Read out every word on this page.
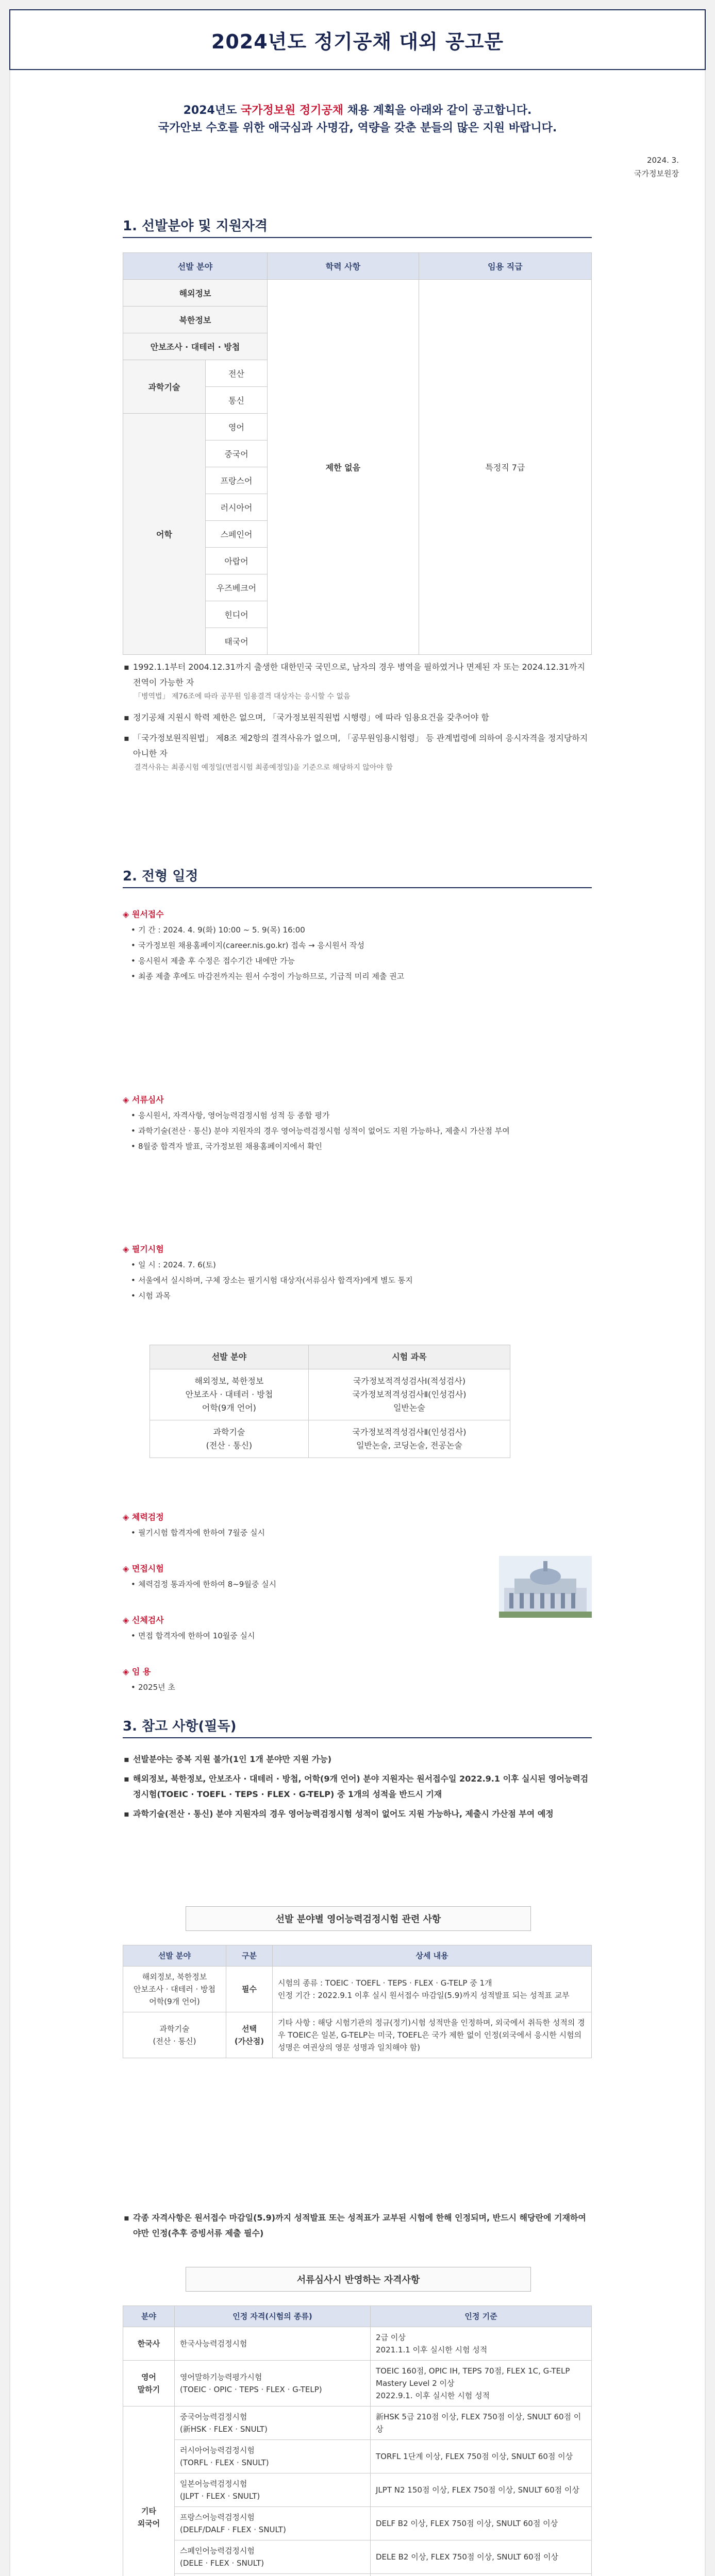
2024년도 정기공채 대외 공고문
2024년도 국가정보원 정기공채 채용 계획을 아래와 같이 공고합니다.
국가안보 수호를 위한 애국심과 사명감, 역량을 갖춘 분들의 많은 지원 바랍니다.
2024. 3.
국가정보원장
1. 선발분야 및 지원자격
선발 분야		학력 사항	임용 직급
해외정보		제한 없음	특정직 7급
북한정보			
안보조사 · 대테러 · 방첩			
과학기술	전산		
	통신		
어학	영어		
	중국어		
	프랑스어		
	러시아어		
	스페인어		
	아랍어		
	우즈베크어		
	힌디어		
	태국어		
▪ 1992.1.1부터 2004.12.31까지 출생한 대한민국 국민으로, 남자의 경우 병역을 필하였거나 면제된 자 또는 2024.12.31까지 전역이 가능한 자
「병역법」 제76조에 따라 공무원 임용결격 대상자는 응시할 수 없음
▪ 정기공채 지원시 학력 제한은 없으며, 「국가정보원직원법 시행령」에 따라 임용요건을 갖추어야 함
▪ 「국가정보원직원법」 제8조 제2항의 결격사유가 없으며, 「공무원임용시험령」 등 관계법령에 의하여 응시자격을 정지당하지 아니한 자
결격사유는 최종시험 예정일(면접시험 최종예정일)을 기준으로 해당하지 않아야 함
2. 전형 일정
◈ 원서접수
• 기 간 : 2024. 4. 9(화) 10:00 ~ 5. 9(목) 16:00
• 국가정보원 채용홈페이지(career.nis.go.kr) 접속 → 응시원서 작성
• 응시원서 제출 후 수정은 접수기간 내에만 가능
• 최종 제출 후에도 마감전까지는 원서 수정이 가능하므로, 기급적 미리 제출 권고
◈ 서류심사
• 응시원서, 자격사항, 영어능력검정시험 성적 등 종합 평가
• 과학기술(전산 · 통신) 분야 지원자의 경우 영어능력검정시험 성적이 없어도 지원 가능하나, 제출시 가산점 부여
• 8월중 합격자 발표, 국가정보원 채용홈페이지에서 확인
◈ 필기시험
• 일 시 : 2024. 7. 6(토)
• 서울에서 실시하며, 구체 장소는 필기시험 대상자(서류심사 합격자)에게 별도 통지
• 시험 과목
선발 분야	시험 과목
해외정보, 북한정보
안보조사 · 대테러 · 방첩
어학(9개 언어)	국가정보적격성검사Ⅰ(적성검사)
국가정보적격성검사Ⅱ(인성검사)
일반논술
과학기술
(전산 · 통신)	국가정보적격성검사Ⅱ(인성검사)
일반논술, 코딩논술, 전공논술
◈ 체력검정
• 필기시험 합격자에 한하여 7월중 실시
◈ 면접시험
• 체력검정 통과자에 한하여 8~9월중 실시
◈ 신체검사
• 면접 합격자에 한하여 10월중 실시
◈ 임 용
• 2025년 초
3. 참고 사항(필독)
▪ 선발분야는 중복 지원 불가(1인 1개 분야만 지원 가능)
▪ 해외정보, 북한정보, 안보조사 · 대테러 · 방첩, 어학(9개 언어) 분야 지원자는 원서접수일 2022.9.1 이후 실시된 영어능력검정시험(TOEIC · TOEFL · TEPS · FLEX · G-TELP) 중 1개의 성적을 반드시 기재
▪ 과학기술(전산 · 통신) 분야 지원자의 경우 영어능력검정시험 성적이 없어도 지원 가능하나, 제출시 가산점 부여 예정
선발 분야별 영어능력검정시험 관련 사항
선발 분야	구분	상세 내용
해외정보, 북한정보
안보조사 · 대테러 · 방첩
어학(9개 언어)	필수	시험의 종류 : TOEIC · TOEFL · TEPS · FLEX · G-TELP 중 1개
인정 기간 : 2022.9.1 이후 실시 원서접수 마감일(5.9)까지 성적발표 되는 성적표 교부
과학기술
(전산 · 통신)	선택
(가산점)	기타 사항 : 해당 시험기관의 정규(정기)시험 성적만을 인정하며, 외국에서 취득한 성적의 경우 TOEIC은 일본, G-TELP는 미국, TOEFL은 국가 제한 없이 인정(외국에서 응시한 시험의 성명은 여권상의 영문 성명과 일치해야 함)
▪ 각종 자격사항은 원서접수 마감일(5.9)까지 성적발표 또는 성적표가 교부된 시험에 한해 인정되며, 반드시 해당란에 기재하여야만 인정(추후 증빙서류 제출 필수)
서류심사시 반영하는 자격사항
분야	인정 자격(시험의 종류)	인정 기준
한국사	한국사능력검정시험	2급 이상
2021.1.1 이후 실시한 시험 성적
영어
말하기	영어말하기능력평가시험
(TOEIC · OPIC · TEPS · FLEX · G-TELP)	TOEIC 160점, OPIC IH, TEPS 70점, FLEX 1C, G-TELP Mastery Level 2 이상
2022.9.1. 이후 실시한 시험 성적
기타
외국어	중국어능력검정시험
(新HSK · FLEX · SNULT)	新HSK 5급 210점 이상, FLEX 750점 이상, SNULT 60점 이상
	러시아어능력검정시험
(TORFL · FLEX · SNULT)	TORFL 1단계 이상, FLEX 750점 이상, SNULT 60점 이상
	일본어능력검정시험
(JLPT · FLEX · SNULT)	JLPT N2 150점 이상, FLEX 750점 이상, SNULT 60점 이상
	프랑스어능력검정시험
(DELF/DALF · FLEX · SNULT)	DELF B2 이상, FLEX 750점 이상, SNULT 60점 이상
	스페인어능력검정시험
(DELE · FLEX · SNULT)	DELE B2 이상, FLEX 750점 이상, SNULT 60점 이상
